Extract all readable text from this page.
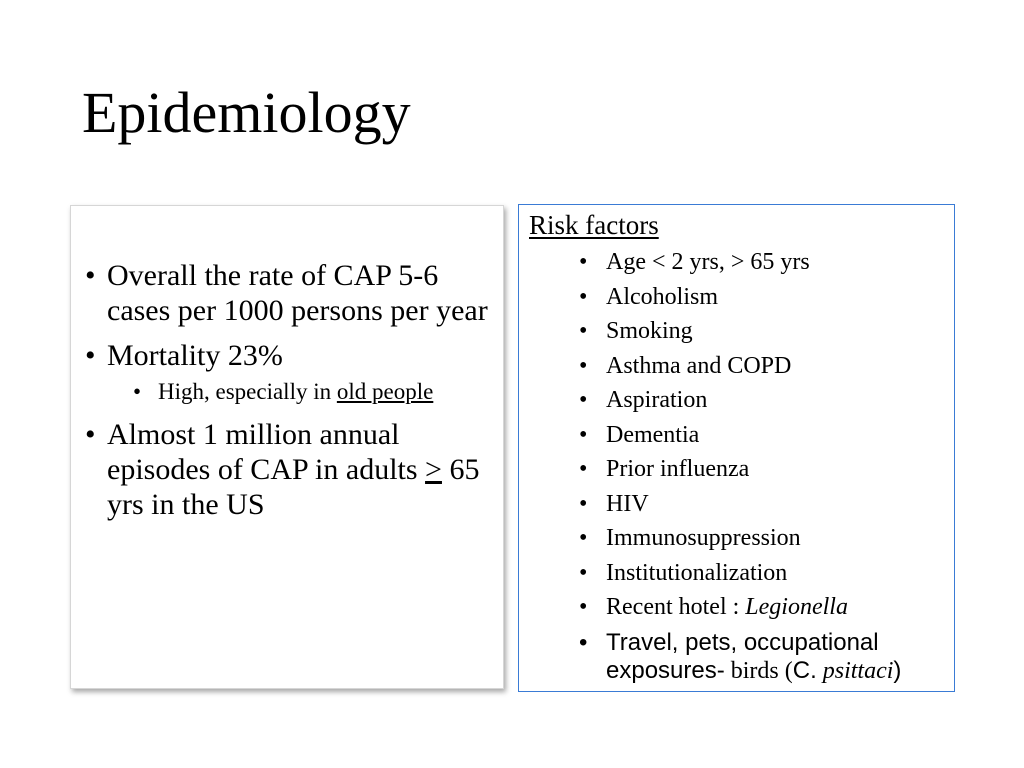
Epidemiology
• Overall the rate of CAP 5-6 cases per 1000 persons per year
• Mortality 23%
• High, especially in old people
• Almost 1 million annual episodes of CAP in adults > 65 yrs in the US

Risk factors

• Age < 2 yrs, > 65 yrs
• Alcoholism
• Smoking
• Asthma and COPD
• Aspiration
• Dementia
• Prior influenza
• HIV
• Immunosuppression
• Institutionalization
• Recent hotel : Legionella
• Travel, pets, occupational exposures- birds (C. psittaci)
